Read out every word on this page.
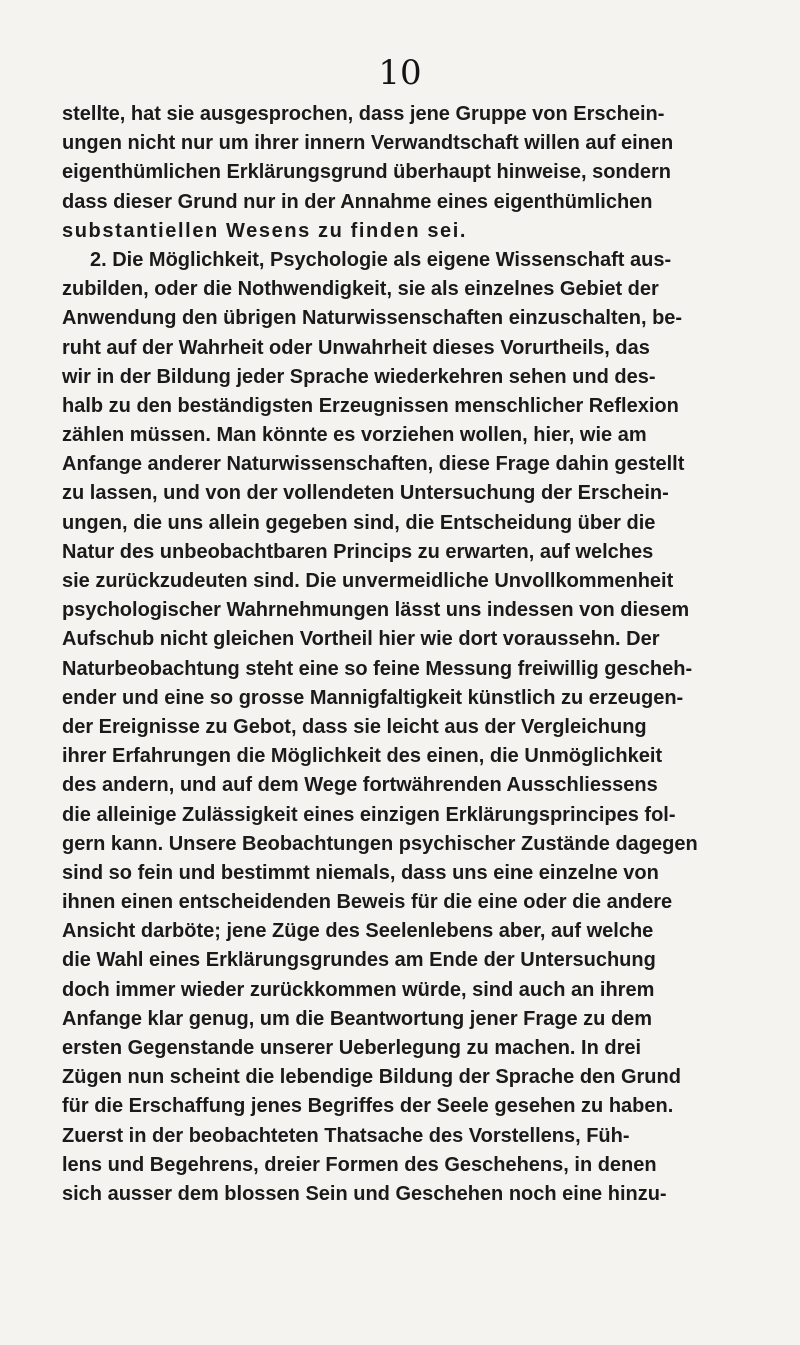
10
stellte, hat sie ausgesprochen, dass jene Gruppe von Erschein-
ungen nicht nur um ihrer innern Verwandtschaft willen auf einen
eigenthümlichen Erklärungsgrund überhaupt hinweise, sondern
dass dieser Grund nur in der Annahme eines eigenthümlichen
substantiellen Wesens zu finden sei.
2. Die Möglichkeit, Psychologie als eigene Wissenschaft aus-
zubilden, oder die Nothwendigkeit, sie als einzelnes Gebiet der
Anwendung den übrigen Naturwissenschaften einzuschalten, be-
ruht auf der Wahrheit oder Unwahrheit dieses Vorurtheils, das
wir in der Bildung jeder Sprache wiederkehren sehen und des-
halb zu den beständigsten Erzeugnissen menschlicher Reflexion
zählen müssen. Man könnte es vorziehen wollen, hier, wie am
Anfange anderer Naturwissenschaften, diese Frage dahin gestellt
zu lassen, und von der vollendeten Untersuchung der Erschein-
ungen, die uns allein gegeben sind, die Entscheidung über die
Natur des unbeobachtbaren Princips zu erwarten, auf welches
sie zurückzudeuten sind. Die unvermeidliche Unvollkommenheit
psychologischer Wahrnehmungen lässt uns indessen von diesem
Aufschub nicht gleichen Vortheil hier wie dort voraussehn. Der
Naturbeobachtung steht eine so feine Messung freiwillig gescheh-
ender und eine so grosse Mannigfaltigkeit künstlich zu erzeugen-
der Ereignisse zu Gebot, dass sie leicht aus der Vergleichung
ihrer Erfahrungen die Möglichkeit des einen, die Unmöglichkeit
des andern, und auf dem Wege fortwährenden Ausschliessens
die alleinige Zulässigkeit eines einzigen Erklärungsprincipes fol-
gern kann. Unsere Beobachtungen psychischer Zustände dagegen
sind so fein und bestimmt niemals, dass uns eine einzelne von
ihnen einen entscheidenden Beweis für die eine oder die andere
Ansicht darböte; jene Züge des Seelenlebens aber, auf welche
die Wahl eines Erklärungsgrundes am Ende der Untersuchung
doch immer wieder zurückkommen würde, sind auch an ihrem
Anfange klar genug, um die Beantwortung jener Frage zu dem
ersten Gegenstande unserer Ueberlegung zu machen. In drei
Zügen nun scheint die lebendige Bildung der Sprache den Grund
für die Erschaffung jenes Begriffes der Seele gesehen zu haben.
Zuerst in der beobachteten Thatsache des Vorstellens, Füh-
lens und Begehrens, dreier Formen des Geschehens, in denen
sich ausser dem blossen Sein und Geschehen noch eine hinzu-
